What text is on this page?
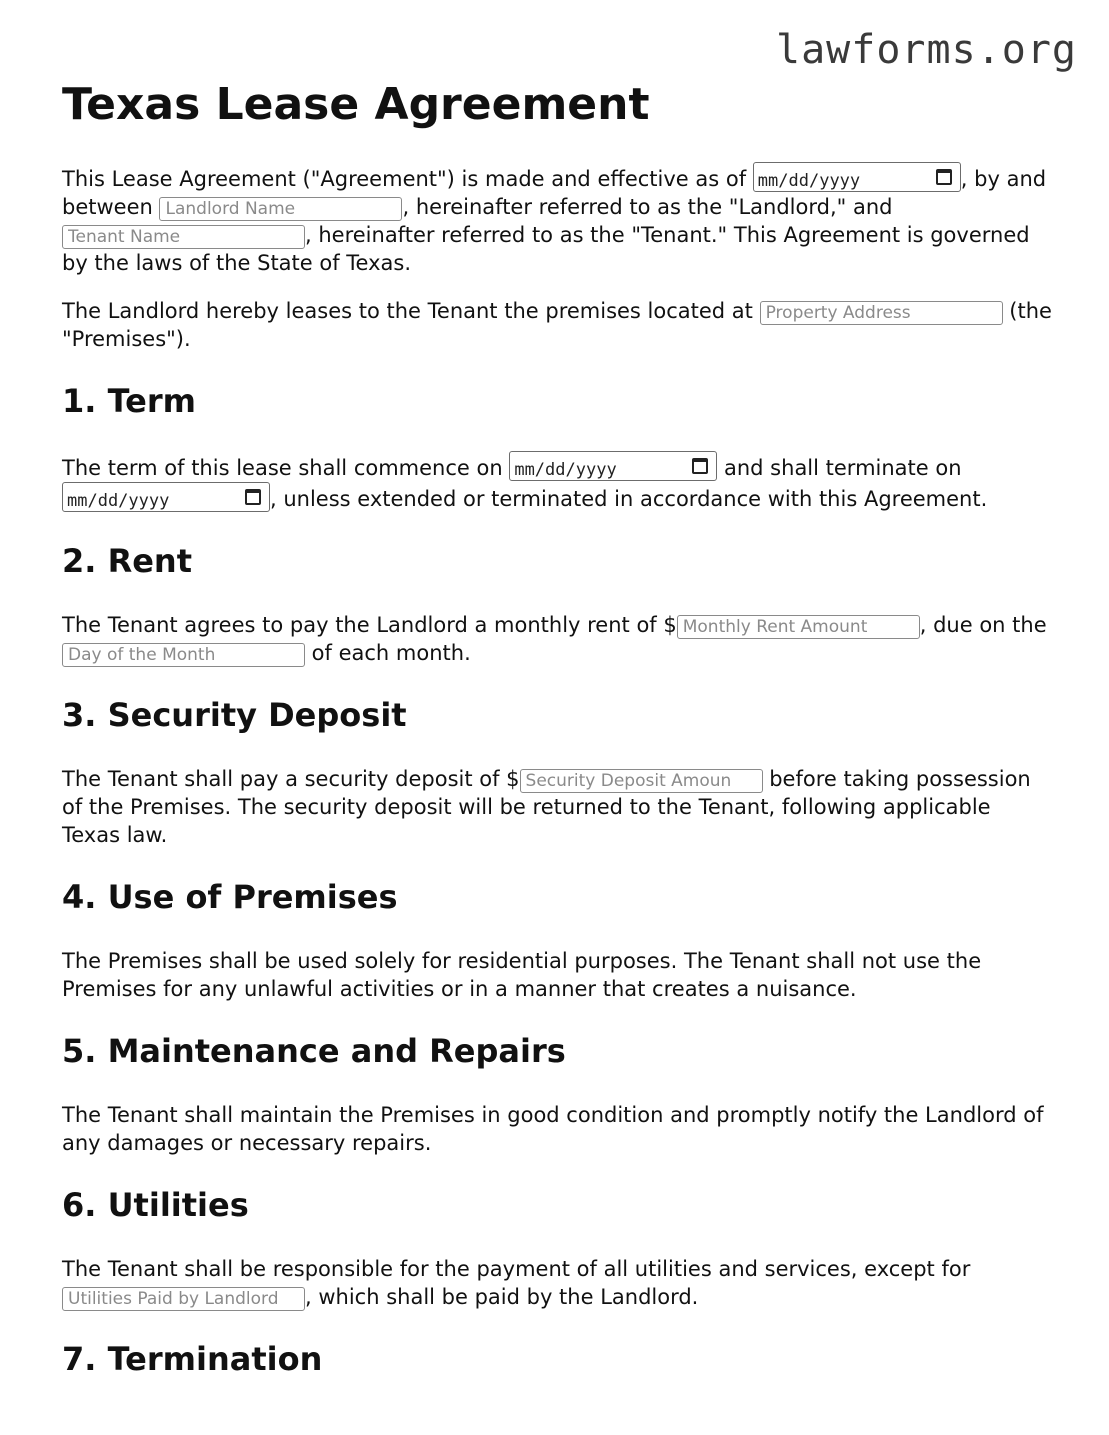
lawforms.org

Texas Lease Agreement

This Lease Agreement ("Agreement") is made and effective as of mm/dd/yyyy	, by and between Landlord Name	, hereinafter referred to as the "Landlord," and Tenant Name, hereinafter referred to as the "Tenant." This Agreement is governed by the laws of the State of Texas.

The Landlord hereby leases to the Tenant the premises located at Property Address	(the "Premises").

1. Term

The term of this lease shall commence on mm/dd/yyyy	and shall terminate on
mm/dd/yyyy	, unless extended or terminated in accordance with this Agreement.

2. Rent

The Tenant agrees to pay the Landlord a monthly rent of $Monthly Rent Amount	, due on the Day of the Month of each month.

3. Security Deposit

The Tenant shall pay a security deposit of $Security Deposit Amoun	before taking possession of the Premises. The security deposit will be returned to the Tenant, following applicable Texas law.

4. Use of Premises

The Premises shall be used solely for residential purposes. The Tenant shall not use the Premises for any unlawful activities or in a manner that creates a nuisance.

5. Maintenance and Repairs

The Tenant shall maintain the Premises in good condition and promptly notify the Landlord of any damages or necessary repairs.

6. Utilities

The Tenant shall be responsible for the payment of all utilities and services, except for Utilities Paid by Landlord, which shall be paid by the Landlord.

7. Termination
